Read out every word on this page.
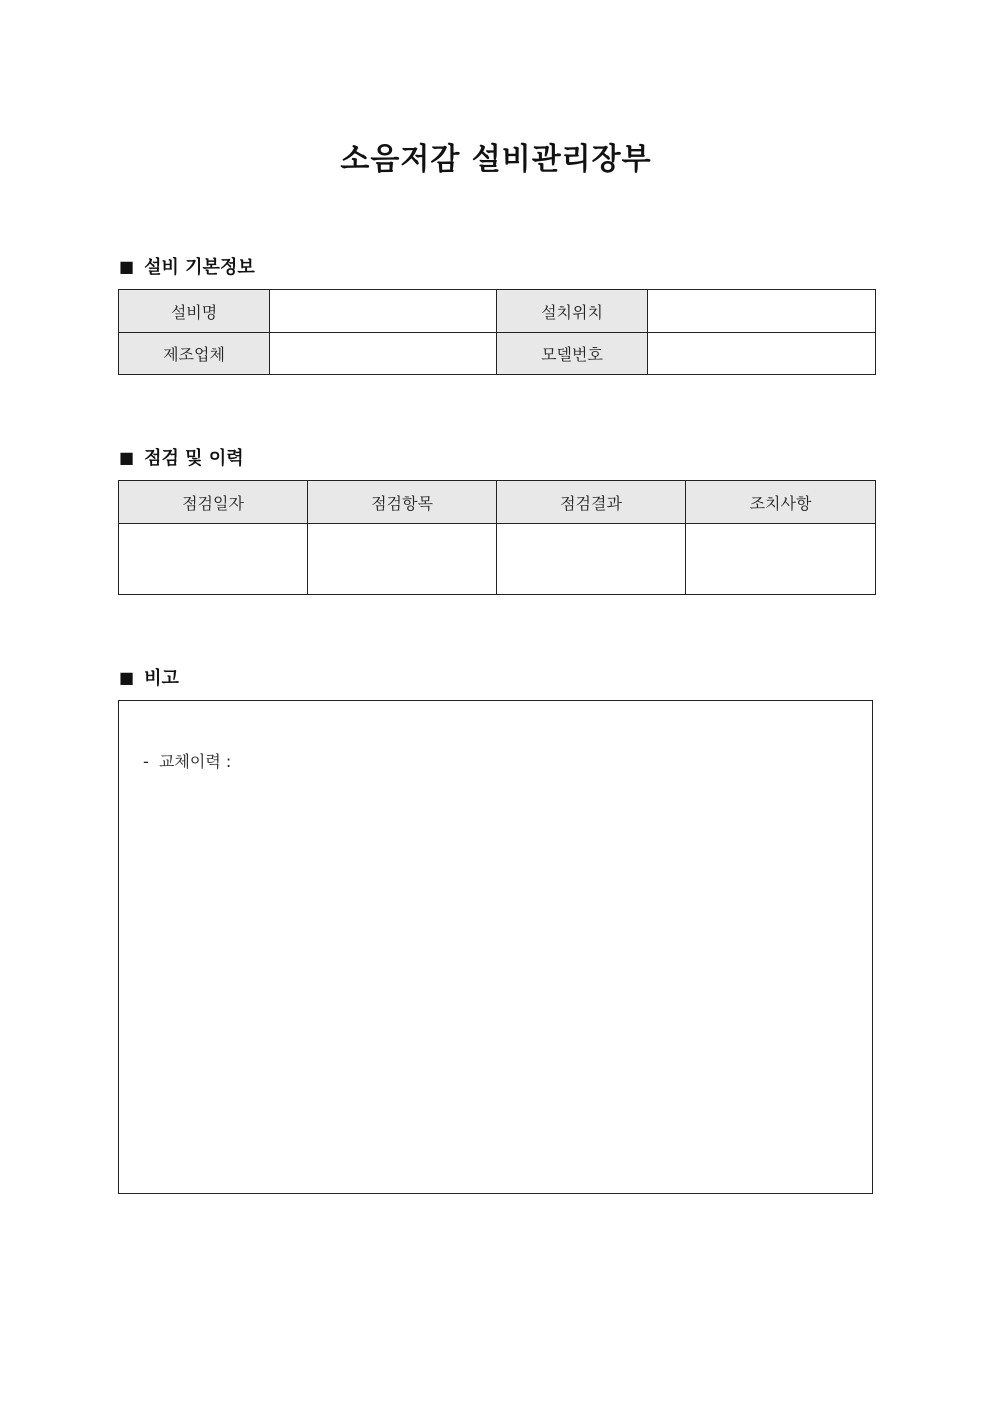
소음저감 설비관리장부
■ 설비 기본정보
설비명		설치위치	
제조업체		모델번호	
■ 점검 및 이력
점검일자	점검항목	점검결과	조치사항

■ 비고
-  교체이력 :
